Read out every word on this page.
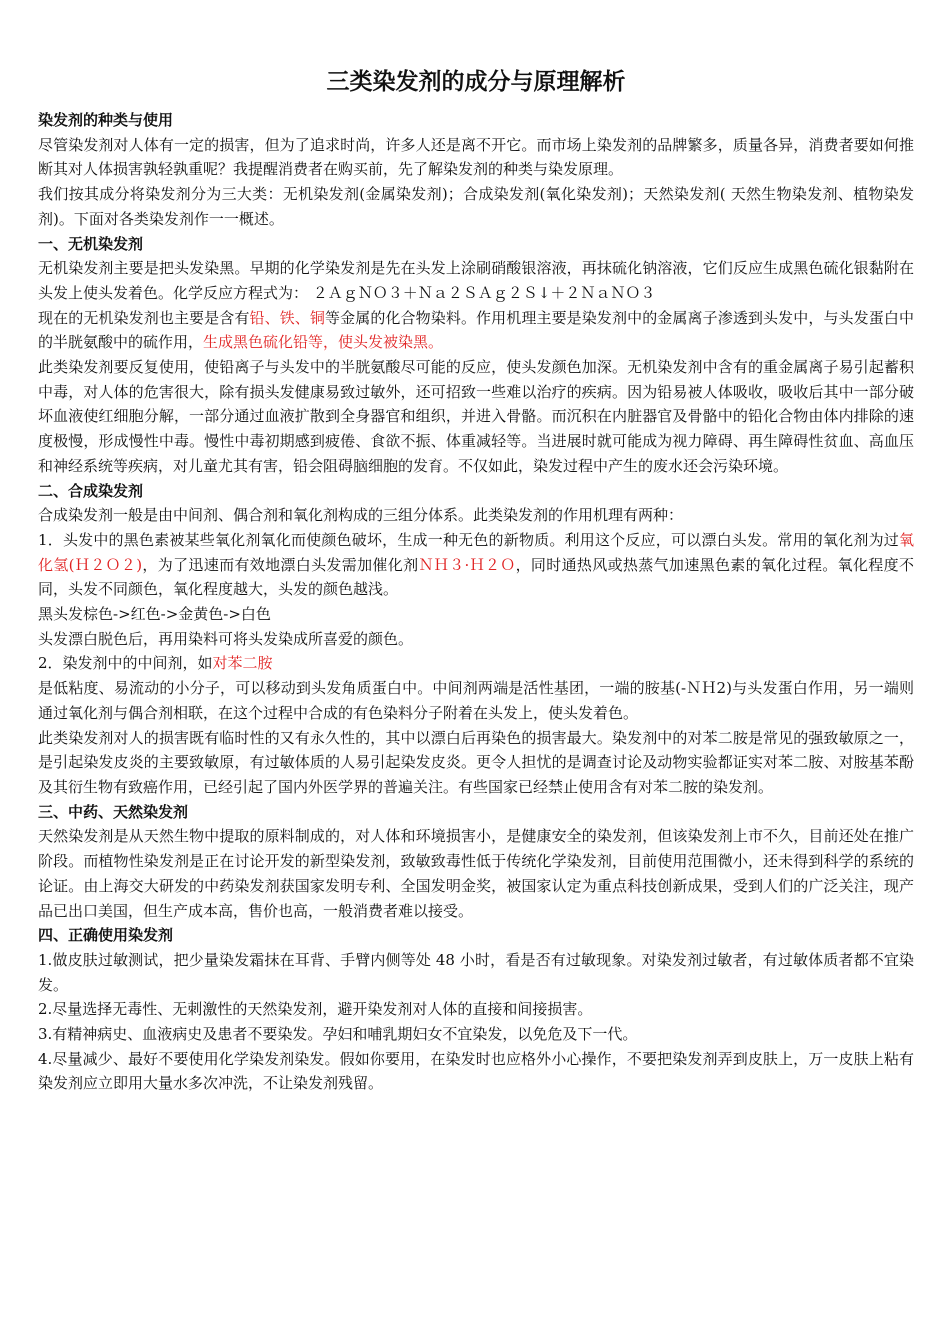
三类染发剂的成分与原理解析
染发剂的种类与使用

尽管染发剂对人体有一定的损害，但为了追求时尚，许多人还是离不开它。而市场上染发剂的品牌繁多，质量各异，消费者要如何推断其对人体损害孰轻孰重呢？我提醒消费者在购买前，先了解染发剂的种类与染发原理。

我们按其成分将染发剂分为三大类：无机染发剂(金属染发剂)；合成染发剂(氧化染发剂)；天然染发剂( 天然生物染发剂、植物染发剂)。下面对各类染发剂作一一概述。

一、无机染发剂

无机染发剂主要是把头发染黑。早期的化学染发剂是先在头发上涂刷硝酸银溶液，再抹硫化钠溶液，它们反应生成黑色硫化银黏附在头发上使头发着色。化学反应方程式为： ２ＡｇＮＯ３＋Ｎａ２ＳＡｇ２Ｓ↓＋２ＮａＮＯ３

现在的无机染发剂也主要是含有铅、铁、铜等金属的化合物染料。作用机理主要是染发剂中的金属离子渗透到头发中，与头发蛋白中的半胱氨酸中的硫作用，生成黑色硫化铅等，使头发被染黑。

此类染发剂要反复使用，使铅离子与头发中的半胱氨酸尽可能的反应，使头发颜色加深。无机染发剂中含有的重金属离子易引起蓄积中毒，对人体的危害很大，除有损头发健康易致过敏外，还可招致一些难以治疗的疾病。因为铅易被人体吸收，吸收后其中一部分破坏血液使红细胞分解，一部分通过血液扩散到全身器官和组织，并进入骨骼。而沉积在内脏器官及骨骼中的铅化合物由体内排除的速度极慢，形成慢性中毒。慢性中毒初期感到疲倦、食欲不振、体重减轻等。当进展时就可能成为视力障碍、再生障碍性贫血、高血压和神经系统等疾病，对儿童尤其有害，铅会阻碍脑细胞的发育。不仅如此，染发过程中产生的废水还会污染环境。

二、合成染发剂

合成染发剂一般是由中间剂、偶合剂和氧化剂构成的三组分体系。此类染发剂的作用机理有两种：

1．头发中的黑色素被某些氧化剂氧化而使颜色破坏，生成一种无色的新物质。利用这个反应，可以漂白头发。常用的氧化剂为过氧化氢(Ｈ２Ｏ２)，为了迅速而有效地漂白头发需加催化剂ＮＨ３·Ｈ２Ｏ，同时通热风或热蒸气加速黑色素的氧化过程。氧化程度不同，头发不同颜色，氧化程度越大，头发的颜色越浅。

黑头发棕色->红色->金黄色->白色

头发漂白脱色后，再用染料可将头发染成所喜爱的颜色。

2．染发剂中的中间剂，如对苯二胺

是低粘度、易流动的小分子，可以移动到头发角质蛋白中。中间剂两端是活性基团，一端的胺基(-ＮＨ2)与头发蛋白作用，另一端则通过氧化剂与偶合剂相联，在这个过程中合成的有色染料分子附着在头发上，使头发着色。

此类染发剂对人的损害既有临时性的又有永久性的，其中以漂白后再染色的损害最大。染发剂中的对苯二胺是常见的强致敏原之一，是引起染发皮炎的主要致敏原，有过敏体质的人易引起染发皮炎。更令人担忧的是调查讨论及动物实验都证实对苯二胺、对胺基苯酚及其衍生物有致癌作用，已经引起了国内外医学界的普遍关注。有些国家已经禁止使用含有对苯二胺的染发剂。

三、中药、天然染发剂

天然染发剂是从天然生物中提取的原料制成的，对人体和环境损害小，是健康安全的染发剂，但该染发剂上市不久，目前还处在推广阶段。而植物性染发剂是正在讨论开发的新型染发剂，致敏致毒性低于传统化学染发剂，目前使用范围微小，还未得到科学的系统的论证。由上海交大研发的中药染发剂获国家发明专利、全国发明金奖，被国家认定为重点科技创新成果，受到人们的广泛关注，现产品已出口美国，但生产成本高，售价也高，一般消费者难以接受。

四、正确使用染发剂

1.做皮肤过敏测试，把少量染发霜抹在耳背、手臂内侧等处 48 小时，看是否有过敏现象。对染发剂过敏者，有过敏体质者都不宜染发。

2.尽量选择无毒性、无刺激性的天然染发剂，避开染发剂对人体的直接和间接损害。

3.有精神病史、血液病史及患者不要染发。孕妇和哺乳期妇女不宜染发，以免危及下一代。

4.尽量减少、最好不要使用化学染发剂染发。假如你要用，在染发时也应格外小心操作，不要把染发剂弄到皮肤上，万一皮肤上粘有染发剂应立即用大量水多次冲洗，不让染发剂残留。
